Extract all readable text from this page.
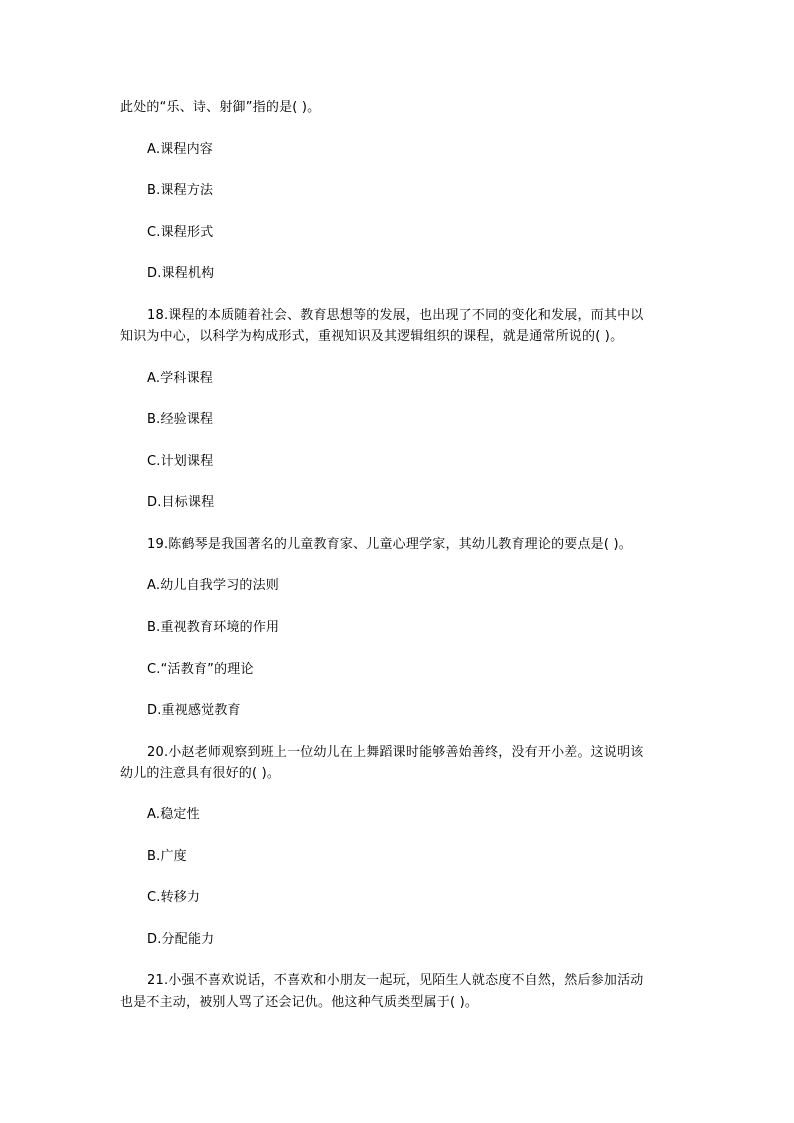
此处的“乐、诗、射御”指的是( )。
A.课程内容
B.课程方法
C.课程形式
D.课程机构
18.课程的本质随着社会、教育思想等的发展，也出现了不同的变化和发展，而其中以
知识为中心，以科学为构成形式，重视知识及其逻辑组织的课程，就是通常所说的( )。
A.学科课程
B.经验课程
C.计划课程
D.目标课程
19.陈鹤琴是我国著名的儿童教育家、儿童心理学家，其幼儿教育理论的要点是( )。
A.幼儿自我学习的法则
B.重视教育环境的作用
C.“活教育”的理论
D.重视感觉教育
20.小赵老师观察到班上一位幼儿在上舞蹈课时能够善始善终，没有开小差。这说明该
幼儿的注意具有很好的( )。
A.稳定性
B.广度
C.转移力
D.分配能力
21.小强不喜欢说话，不喜欢和小朋友一起玩，见陌生人就态度不自然，然后参加活动
也是不主动，被别人骂了还会记仇。他这种气质类型属于( )。
